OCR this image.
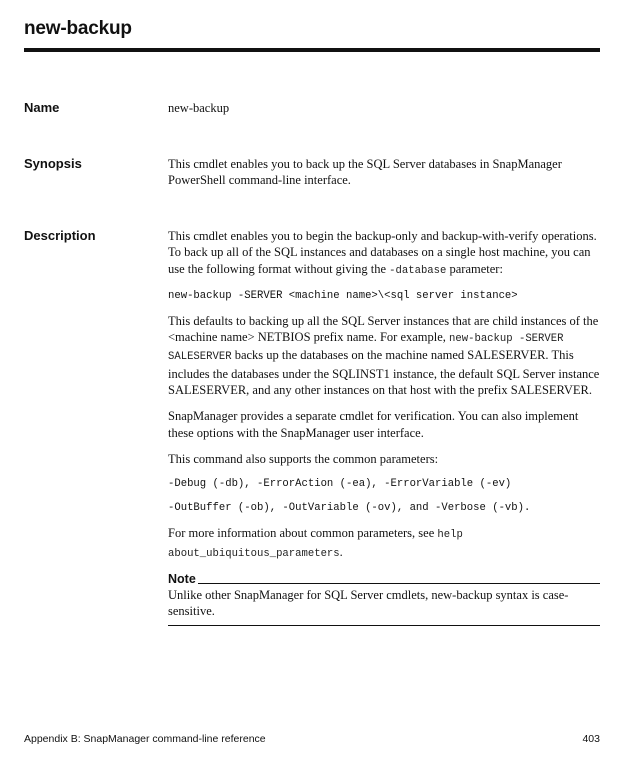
new-backup
Name	new-backup
Synopsis	This cmdlet enables you to back up the SQL Server databases in SnapManager PowerShell command-line interface.

Description	This cmdlet enables you to begin the backup-only and backup-with-verify operations. To back up all of the SQL instances and databases on a single host machine, you can use the following format without giving the -database parameter:

new-backup -SERVER <machine name>\<sql server instance>

This defaults to backing up all the SQL Server instances that are child instances of the <machine name> NETBIOS prefix name. For example, new-backup -SERVER SALESERVER backs up the databases on the machine named SALESERVER. This includes the databases under the SQLINST1 instance, the default SQL Server instance SALESERVER, and any other instances on that host with the prefix SALESERVER.

SnapManager provides a separate cmdlet for verification. You can also implement these options with the SnapManager user interface.

This command also supports the common parameters:

-Debug (-db), -ErrorAction (-ea), -ErrorVariable (-ev)
-OutBuffer (-ob), -OutVariable (-ov), and -Verbose (-vb).

For more information about common parameters, see help about_ubiquitous_parameters.

Note
Unlike other SnapManager for SQL Server cmdlets, new-backup syntax is case-sensitive.
Appendix B: SnapManager command-line reference	403
